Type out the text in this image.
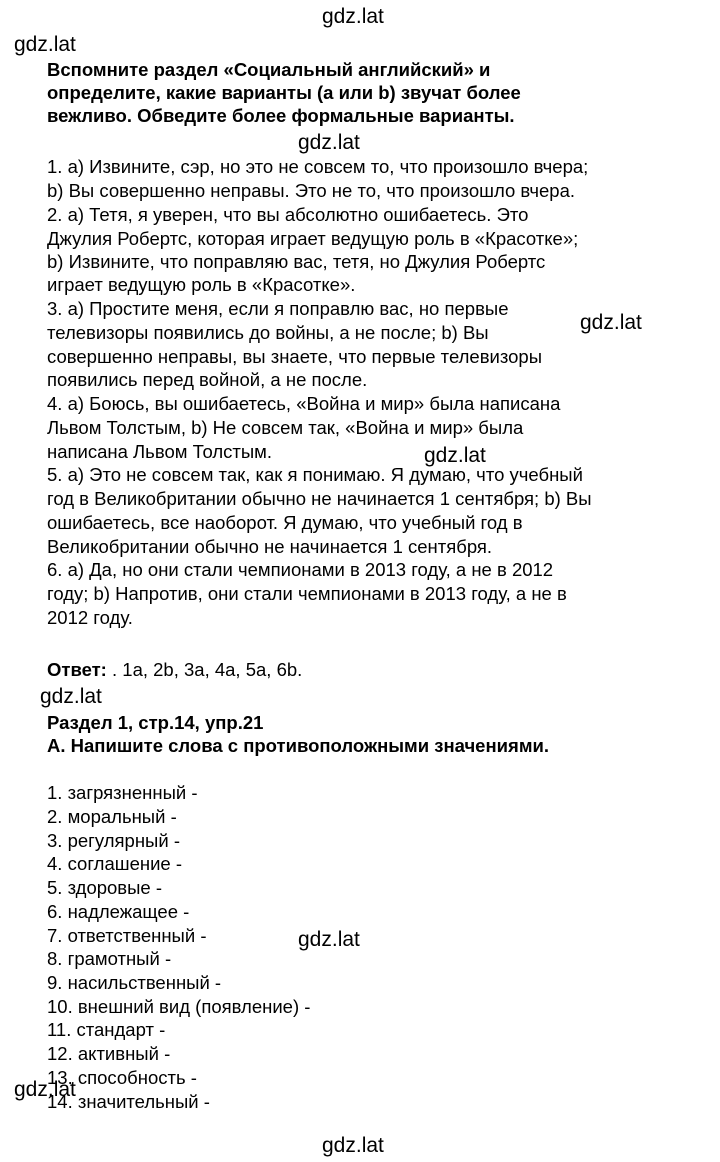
gdz.lat
gdz.lat
gdz.lat
gdz.lat
gdz.lat
gdz.lat
gdz.lat
gdz.lat
gdz.lat
Вспомните раздел «Социальный английский» и
определите, какие варианты (a или b) звучат более
вежливо. Обведите более формальные варианты.
1. a) Извините, сэр, но это не совсем то, что произошло вчера;
b) Вы совершенно неправы. Это не то, что произошло вчера.
2. a) Тетя, я уверен, что вы абсолютно ошибаетесь. Это
Джулия Робертс, которая играет ведущую роль в «Красотке»;
b) Извините, что поправляю вас, тетя, но Джулия Робертс
играет ведущую роль в «Красотке».
3. a) Простите меня, если я поправлю вас, но первые
телевизоры появились до войны, а не после; b) Вы
совершенно неправы, вы знаете, что первые телевизоры
появились перед войной, а не после.
4. a) Боюсь, вы ошибаетесь, «Война и мир» была написана
Львом Толстым, b) Не совсем так, «Война и мир» была
написана Львом Толстым.
5. a) Это не совсем так, как я понимаю. Я думаю, что учебный
год в Великобритании обычно не начинается 1 сентября; b) Вы
ошибаетесь, все наоборот. Я думаю, что учебный год в
Великобритании обычно не начинается 1 сентября.
6. a) Да, но они стали чемпионами в 2013 году, а не в 2012
году; b) Напротив, они стали чемпионами в 2013 году, а не в
2012 году.
Ответ: . 1a, 2b, 3a, 4a, 5a, 6b.
Раздел 1, стр.14, упр.21
A. Напишите слова с противоположными значениями.
1. загрязненный -
2. моральный -
3. регулярный -
4. соглашение -
5. здоровые -
6. надлежащее -
7. ответственный -
8. грамотный -
9. насильственный -
10. внешний вид (появление) -
11. стандарт -
12. активный -
13. способность -
14. значительный -
